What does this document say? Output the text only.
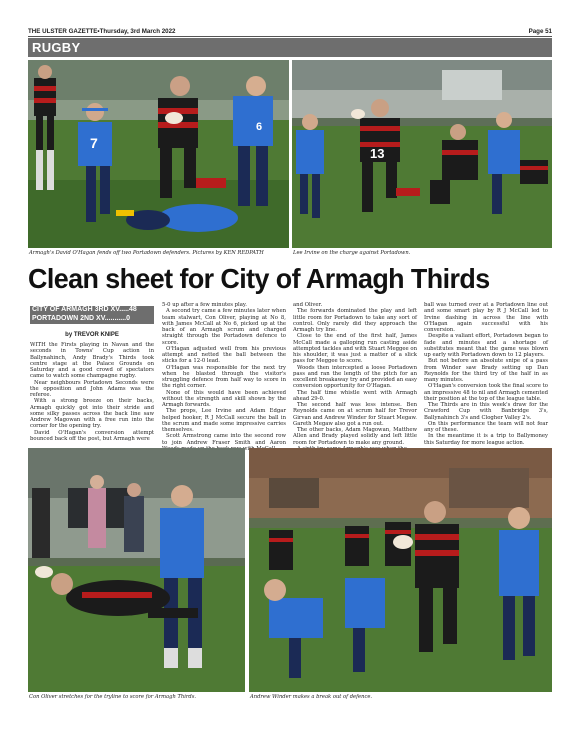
THE ULSTER GAZETTE•Thursday, 3rd March 2022	Page 51
RUGBY
7
6
13
Armagh's David O'Hagan fends off two Portadown defenders. Pictures by KEN REDPATH	Lee Irvine on the charge against Portadown.
Clean sheet for City of Armagh Thirds
CITY OF ARMAGH 3RD XV.....48
PORTADOWN 2ND XV...........0
by TREVOR KNIPE

WITH the Firsts playing in Navan and the seconds in Towns' Cup action in Ballynahinch, Andy Brady's Thirds took centre stage at the Palace Grounds on Saturday and a good crowd of spectators came to watch some champagne rugby.

Near neighbours Portadown Seconds were the opposition and John Adams was the referee.

With a strong breeze on their backs, Armagh quickly got into their stride and some silky passes across the back line saw Andrew Magowan with a free run into the corner for the opening try.

David O'Hagan's conversion attempt bounced back off the post, but Armagh were

5-0 up after a few minutes play.

A second try came a few minutes later when team stalwart, Con Oliver, playing at No 8, with James McCall at No 6, picked up at the back of an Armagh scrum and charged straight through the Portadown defence to score.

O'Hagan adjusted well from his previous attempt and netted the ball between the sticks for a 12-0 lead.

O'Hagan was responsible for the next try when he blasted through the visitor's struggling defence from half way to score in the right corner.

None of this would have been achieved without the strength and skill shown by the Armagh forwards.

The props, Lee Irvine and Adam Edgar helped hooker, R J McCall secure the ball in the scrum and made some impressive carries themselves.

Scott Armstrong came into the second row to join Andrew Fraser Smith and Aaron with

and Oliver.

The forwards dominated the play and left little room for Portadown to take any sort of control. Only rarely did they approach the Armagh try line.

Close to the end of the first half, James McCall made a galloping run casting aside attempted tackles and with Stuart Meggee on his shoulder, it was just a matter of a slick pass for Meggee to score.

Woods then intercepted a loose Portadown pass and ran the length of the pitch for an excellent breakaway try and provided an easy conversion opportunity for O'Hagan.

The half time whistle went with Armagh ahead 29-0.

The second half was less intense. Ben Reynolds came on at scrum half for Trevor Girvan and Andrew Winder for Stuart Megaw. Gareth Megaw also got a run out.

The other backs, Adam Magowan, Matthew Allen and Brady played solidly and left little room for Portadown to make any ground.

ball was turned over at a Portadown line out and some smart play by R J McCall led to Irvine dashing in across the line with O'Hagan again successful with his conversion.

Despite a valiant effort, Portadown began to fade and minutes and a shortage of substitutes meant that the game was blown up early with Portadown down to 12 players.

But not before an absolute snipe of a pass from Winder saw Brady setting up Dan Reynolds for the third try of the half in as many minutes.

O'Hagan's conversion took the final score to an impressive 48 to nil and Armagh cemented their position at the top of the league table.

The Thirds are in this week's draw for the Crawford Cup with Banbridge 3's, Ballynahinch 3's and Clogher Valley 2's.

On this performance the team will not fear any of these.

In the meantime it is a trip to Ballymoney this Saturday for more league action.

Con Oliver stretches for the tryline to score for Armagh Thirds.	Andrew Winder makes a break out of defence.
